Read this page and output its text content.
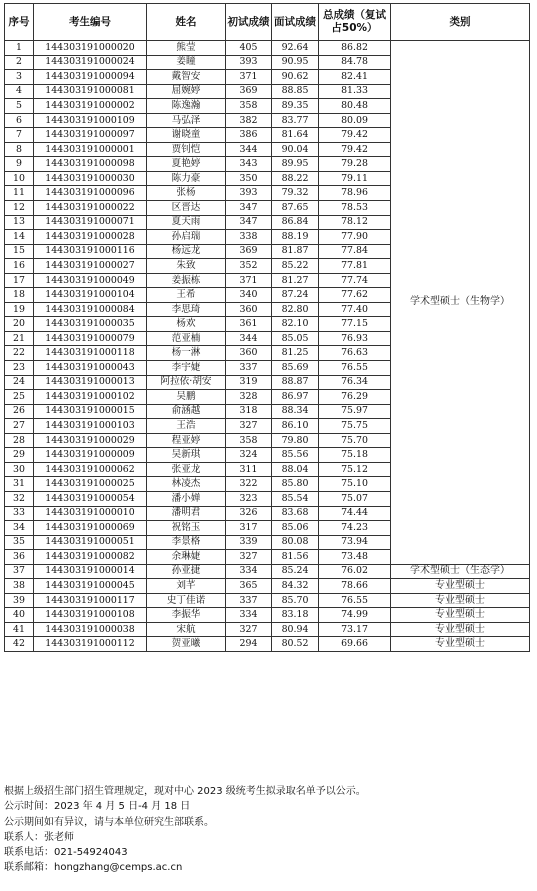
序号	考生编号	姓名	初试成绩	面试成绩	总成绩（复试占50%）	类别
1	144303191000020	熊莹	405	92.64	86.82	学术型硕士（生物学）
2	144303191000024	姜瞳	393	90.95	84.78	
3	144303191000094	戴智安	371	90.62	82.41	
4	144303191000081	屈婉婷	369	88.85	81.33	
5	144303191000002	陈逸瀚	358	89.35	80.48	
6	144303191000109	马弘泽	382	83.77	80.09	
7	144303191000097	谢晓童	386	81.64	79.42	
8	144303191000001	贾钊恺	344	90.04	79.42	
9	144303191000098	夏艳婷	343	89.95	79.28	
10	144303191000030	陈力豪	350	88.22	79.11	
11	144303191000096	张杨	393	79.32	78.96	
12	144303191000022	区晋达	347	87.65	78.53	
13	144303191000071	夏天雨	347	86.84	78.12	
14	144303191000028	孙启瑞	338	88.19	77.90	
15	144303191000116	杨远龙	369	81.87	77.84	
16	144303191000027	朱致	352	85.22	77.81	
17	144303191000049	姜振栋	371	81.27	77.74	
18	144303191000104	王希	340	87.24	77.62	
19	144303191000084	李思琦	360	82.80	77.40	
20	144303191000035	杨欢	361	82.10	77.15	
21	144303191000079	范亚楠	344	85.05	76.93	
22	144303191000118	杨一淋	360	81.25	76.63	
23	144303191000043	李宇婕	337	85.69	76.55	
24	144303191000013	阿拉依·胡安	319	88.87	76.34	
25	144303191000102	吴鹏	328	86.97	76.29	
26	144303191000015	俞涵越	318	88.34	75.97	
27	144303191000103	王浩	327	86.10	75.75	
28	144303191000029	程亚婷	358	79.80	75.70	
29	144303191000009	吴新琪	324	85.56	75.18	
30	144303191000062	张亚龙	311	88.04	75.12	
31	144303191000025	林凌杰	322	85.80	75.10	
32	144303191000054	潘小婵	323	85.54	75.07	
33	144303191000010	潘明君	326	83.68	74.44	
34	144303191000069	祝铭玉	317	85.06	74.23	
35	144303191000051	李景格	339	80.08	73.94	
36	144303191000082	余琳婕	327	81.56	73.48	
37	144303191000014	孙亚捷	334	85.24	76.02	学术型硕士（生态学）
38	144303191000045	刘芊	365	84.32	78.66	专业型硕士
39	144303191000117	史丁佳诺	337	85.70	76.55	专业型硕士
40	144303191000108	李振华	334	83.18	74.99	专业型硕士
41	144303191000038	宋航	327	80.94	73.17	专业型硕士
42	144303191000112	贺亚曦	294	80.52	69.66	专业型硕士

根据上级招生部门招生管理规定，现对中心 2023 级统考生拟录取名单予以公示。

公示时间：2023 年 4 月 5 日-4 月 18 日

公示期间如有异议，请与本单位研究生部联系。

联系人：张老师

联系电话：021-54924043

联系邮箱：hongzhang@cemps.ac.cn
